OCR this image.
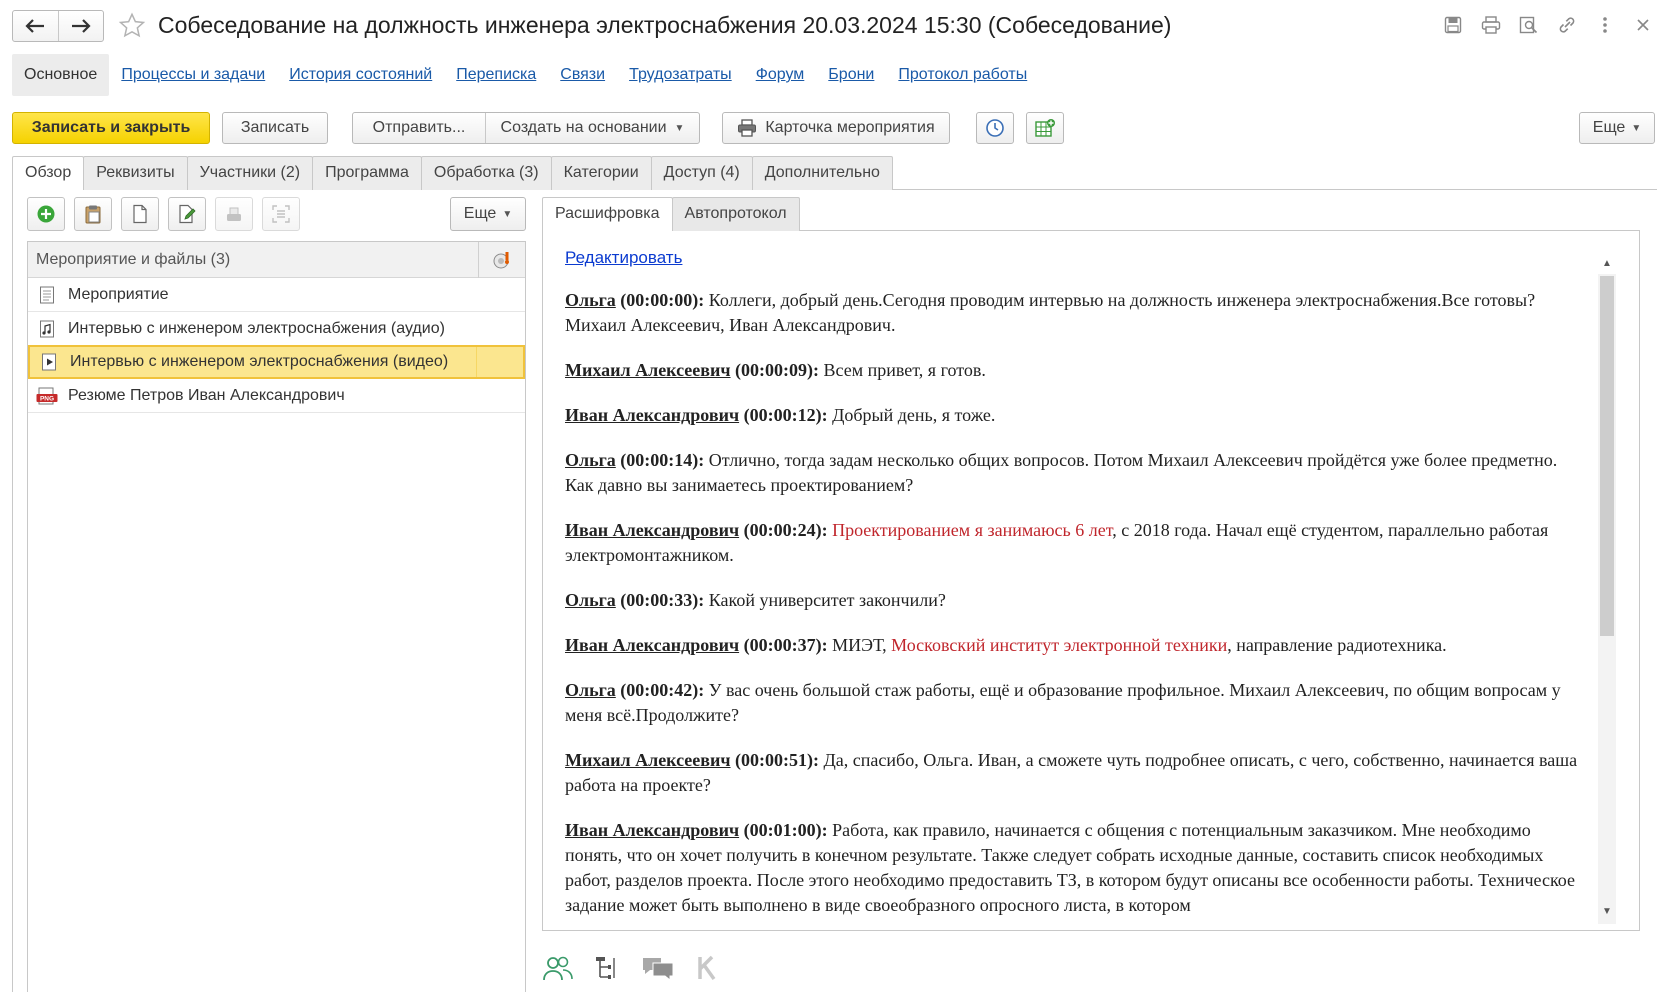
Собеседование на должность инженера электроснабжения 20.03.2024 15:30 (Собеседование)
Основное	Процессы и задачи	История состояний	Переписка	Связи	Трудозатраты	Форум	Брони	Протокол работы
Записать и закрыть	Записать	Отправить... Создать на основании ▼	Карточка мероприятия	Еще ▼
Обзор	Реквизиты	Участники (2)	Программа	Обработка (3)	Категории	Доступ (4)	Дополнительно
Еще ▼
Мероприятие и файлы (3)
Мероприятие
Интервью с инженером электроснабжения (аудио)
Интервью с инженером электроснабжения (видео)
PNG Резюме Петров Иван Александрович
Расшифровка	Автопротокол
Редактировать

Ольга (00:00:00): Коллеги, добрый день.Сегодня проводим интервью на должность инженера электроснабжения.Все готовы? Михаил Алексеевич, Иван Александрович.

Михаил Алексеевич (00:00:09): Всем привет, я готов.

Иван Александрович (00:00:12): Добрый день, я тоже.

Ольга (00:00:14): Отлично, тогда задам несколько общих вопросов. Потом Михаил Алексеевич пройдётся уже более предметно. Как давно вы занимаетесь проектированием?

Иван Александрович (00:00:24): Проектированием я занимаюсь 6 лет, с 2018 года. Начал ещё студентом, параллельно работая электромонтажником.

Ольга (00:00:33): Какой университет закончили?

Иван Александрович (00:00:37): МИЭТ, Московский институт электронной техники, направление радиотехника.

Ольга (00:00:42): У вас очень большой стаж работы, ещё и образование профильное. Михаил Алексеевич, по общим вопросам у меня всё.Продолжите?

Михаил Алексеевич (00:00:51): Да, спасибо, Ольга. Иван, а сможете чуть подробнее описать, с чего, собственно, начинается ваша работа на проекте?

Иван Александрович (00:01:00): Работа, как правило, начинается с общения с потенциальным заказчиком. Мне необходимо понять, что он хочет получить в конечном результате. Также следует собрать исходные данные, составить список необходимых работ, разделов проекта. После этого необходимо предоставить ТЗ, в котором будут описаны все особенности работы. Техническое задание может быть выполнено в виде своеобразного опросного листа, в котором

▲
▼
